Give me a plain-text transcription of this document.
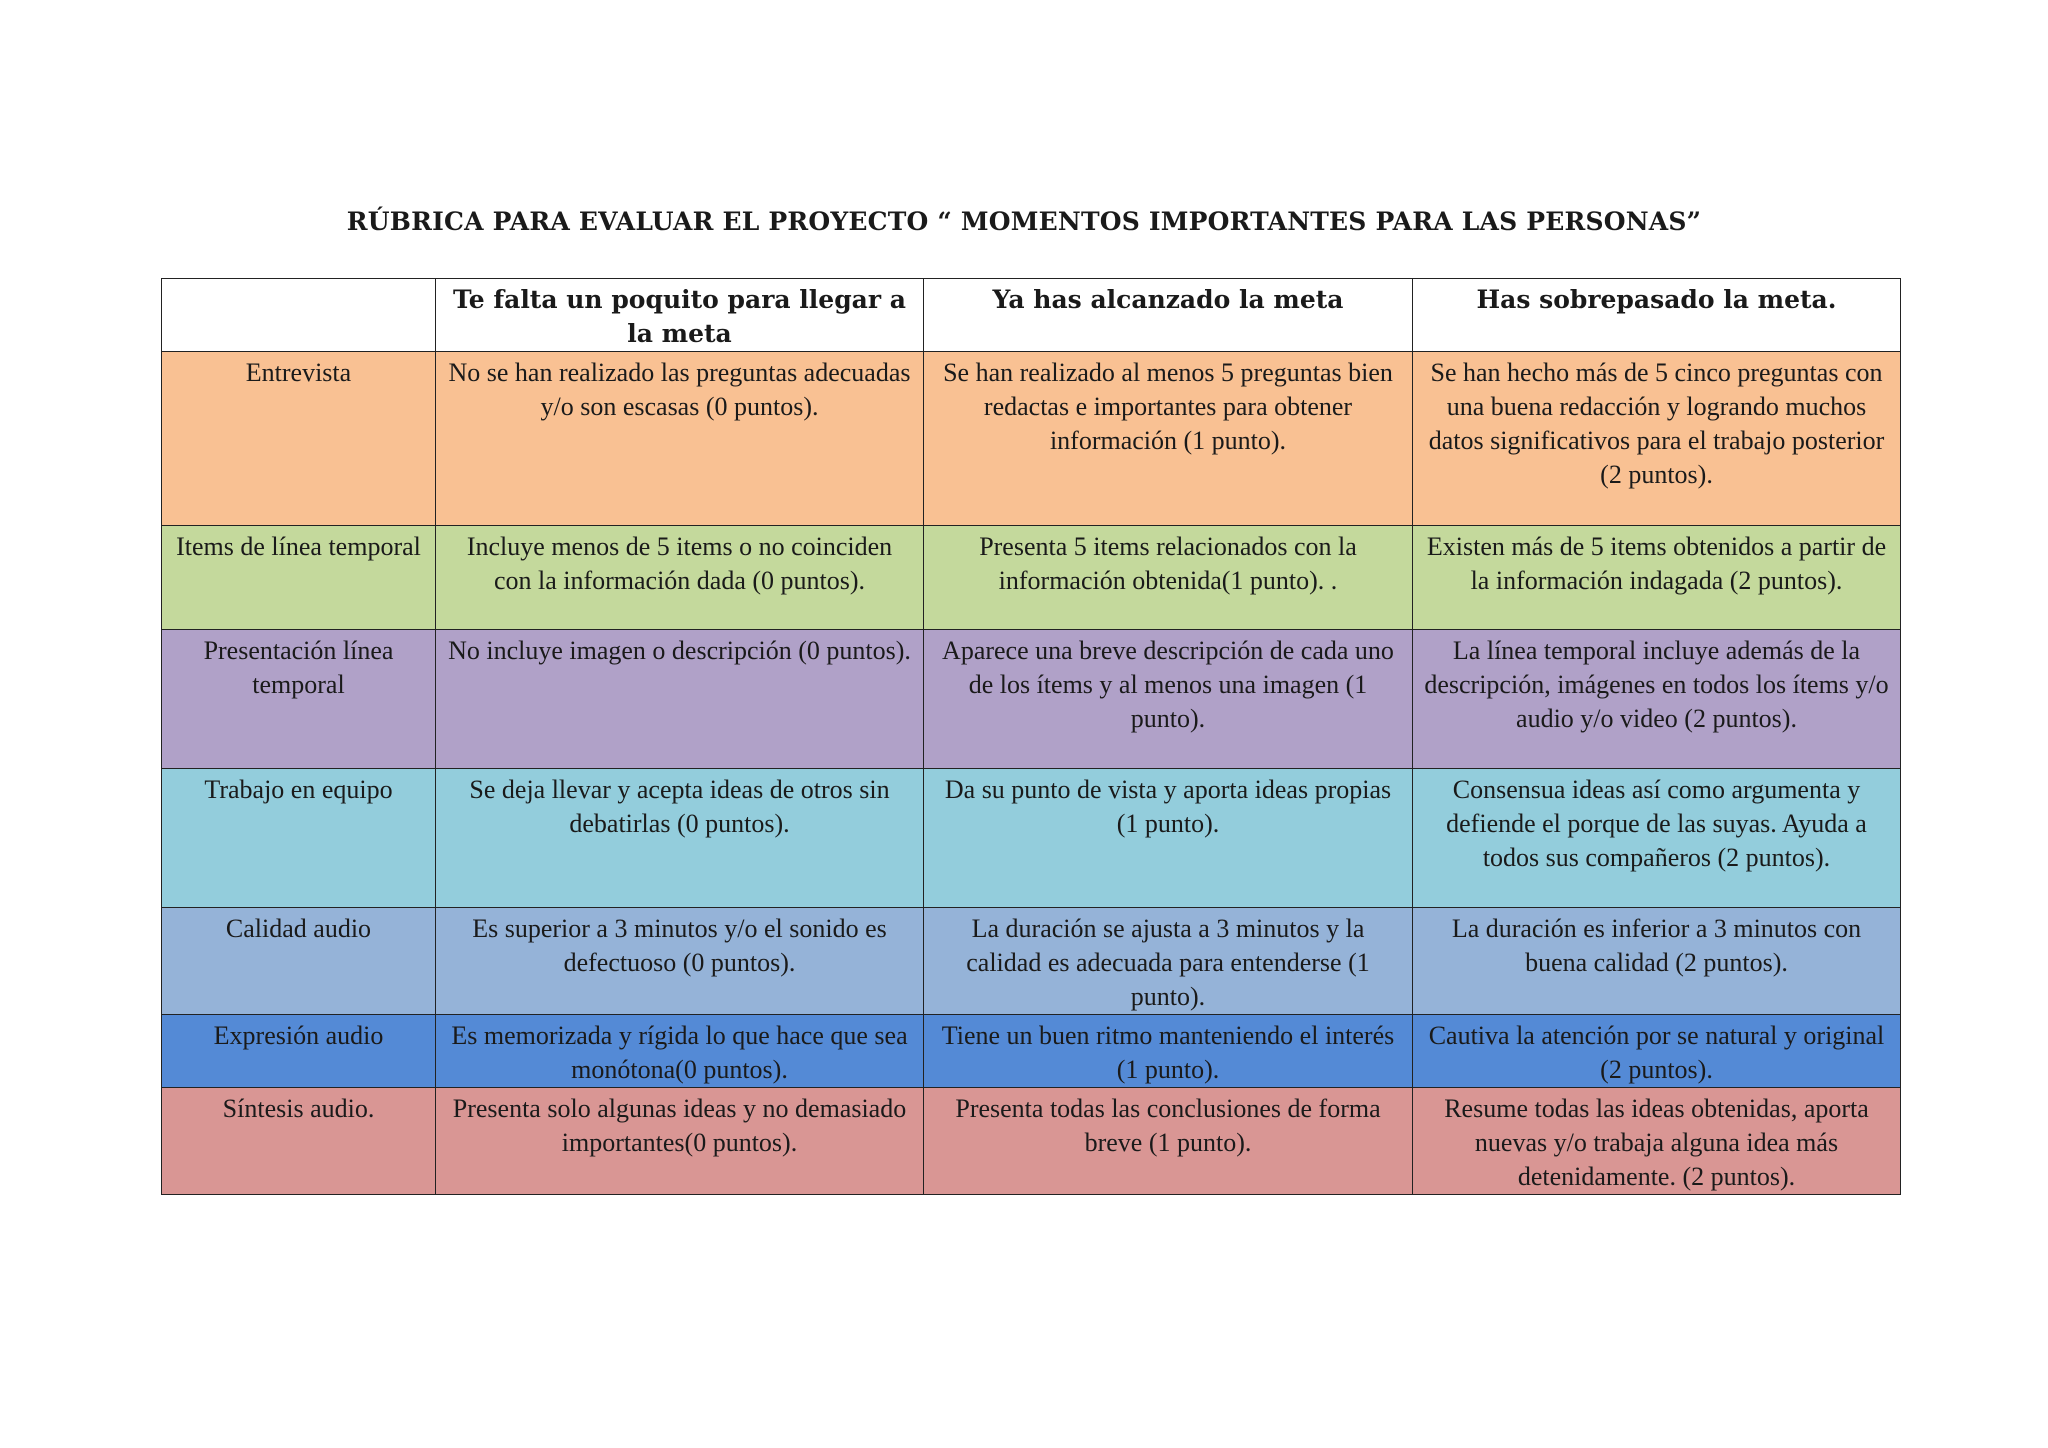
RÚBRICA PARA EVALUAR EL PROYECTO “ MOMENTOS IMPORTANTES PARA LAS PERSONAS”
	Te falta un poquito para llegar a la meta	Ya has alcanzado la meta	Has sobrepasado la meta.
Entrevista	No se han realizado las preguntas adecuadas y/o son escasas (0 puntos).	Se han realizado al menos 5 preguntas bien redactas e importantes para obtener información (1 punto).	Se han hecho más de 5 cinco preguntas con una buena redacción y logrando muchos datos significativos para el trabajo posterior (2 puntos).
Items de línea temporal	Incluye menos de 5 items o no coinciden con la información dada (0 puntos).	Presenta 5 items relacionados con la información obtenida(1 punto). .	Existen más de 5 items obtenidos a partir de la información indagada (2 puntos).
Presentación línea temporal	No incluye imagen o descripción (0 puntos).	Aparece una breve descripción de cada uno de los ítems y al menos una imagen (1 punto).	La línea temporal incluye además de la descripción, imágenes en todos los ítems y/o audio y/o video (2 puntos).
Trabajo en equipo	Se deja llevar y acepta ideas de otros sin debatirlas (0 puntos).	Da su punto de vista y aporta ideas propias (1 punto).	Consensua ideas así como argumenta y defiende el porque de las suyas. Ayuda a todos sus compañeros (2 puntos).
Calidad audio	Es superior a 3 minutos y/o el sonido es defectuoso (0 puntos).	La duración se ajusta a 3 minutos y la calidad es adecuada para entenderse (1 punto).	La duración es inferior a 3 minutos con buena calidad (2 puntos).
Expresión audio	Es memorizada y rígida lo que hace que sea monótona(0 puntos).	Tiene un buen ritmo manteniendo el interés (1 punto).	Cautiva la atención por se natural y original (2 puntos).
Síntesis audio.	Presenta solo algunas ideas y no demasiado importantes(0 puntos).	Presenta todas las conclusiones de forma breve (1 punto).	Resume todas las ideas obtenidas, aporta nuevas y/o trabaja alguna idea más detenidamente. (2 puntos).
